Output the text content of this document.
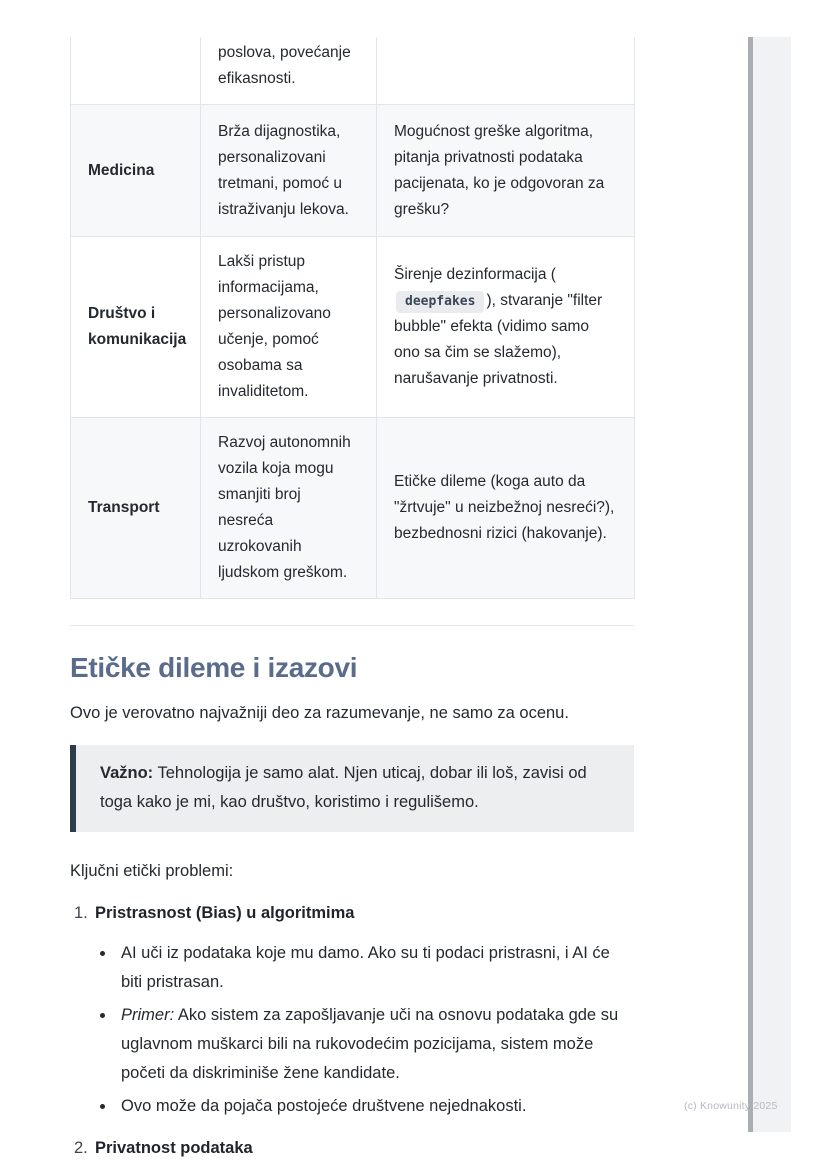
	poslova, povećanje efikasnosti.	
Medicina	Brža dijagnostika, personalizovani tretmani, pomoć u istraživanju lekova.	Mogućnost greške algoritma, pitanja privatnosti podataka pacijenata, ko je odgovoran za grešku?
Društvo i komunikacija	Lakši pristup informacijama, personalizovano učenje, pomoć osobama sa invaliditetom.	Širenje dezinformacija (deepfakes ), stvaranje "filter bubble" efekta (vidimo samo ono sa čim se slažemo), narušavanje privatnosti.
Transport	Razvoj autonomnih vozila koja mogu smanjiti broj nesreća uzrokovanih ljudskom greškom.	Etičke dileme (koga auto da "žrtvuje" u neizbežnoj nesreći?), bezbednosni rizici (hakovanje).
Etičke dileme i izazovi

Ovo je verovatno najvažniji deo za razumevanje, ne samo za ocenu.

Važno: Tehnologija je samo alat. Njen uticaj, dobar ili loš, zavisi od toga kako je mi, kao društvo, koristimo i regulišemo.

Ključni etički problemi:

1. Pristrasnost (Bias) u algoritmima
AI uči iz podataka koje mu damo. Ako su ti podaci pristrasni, i AI će biti pristrasan.
Primer: Ako sistem za zapošljavanje uči na osnovu podataka gde su uglavnom muškarci bili na rukovodećim pozicijama, sistem može početi da diskriminiše žene kandidate.
Ovo može da pojača postojeće društvene nejednakosti.
2. Privatnost podataka
(c) Knowunity 2025
